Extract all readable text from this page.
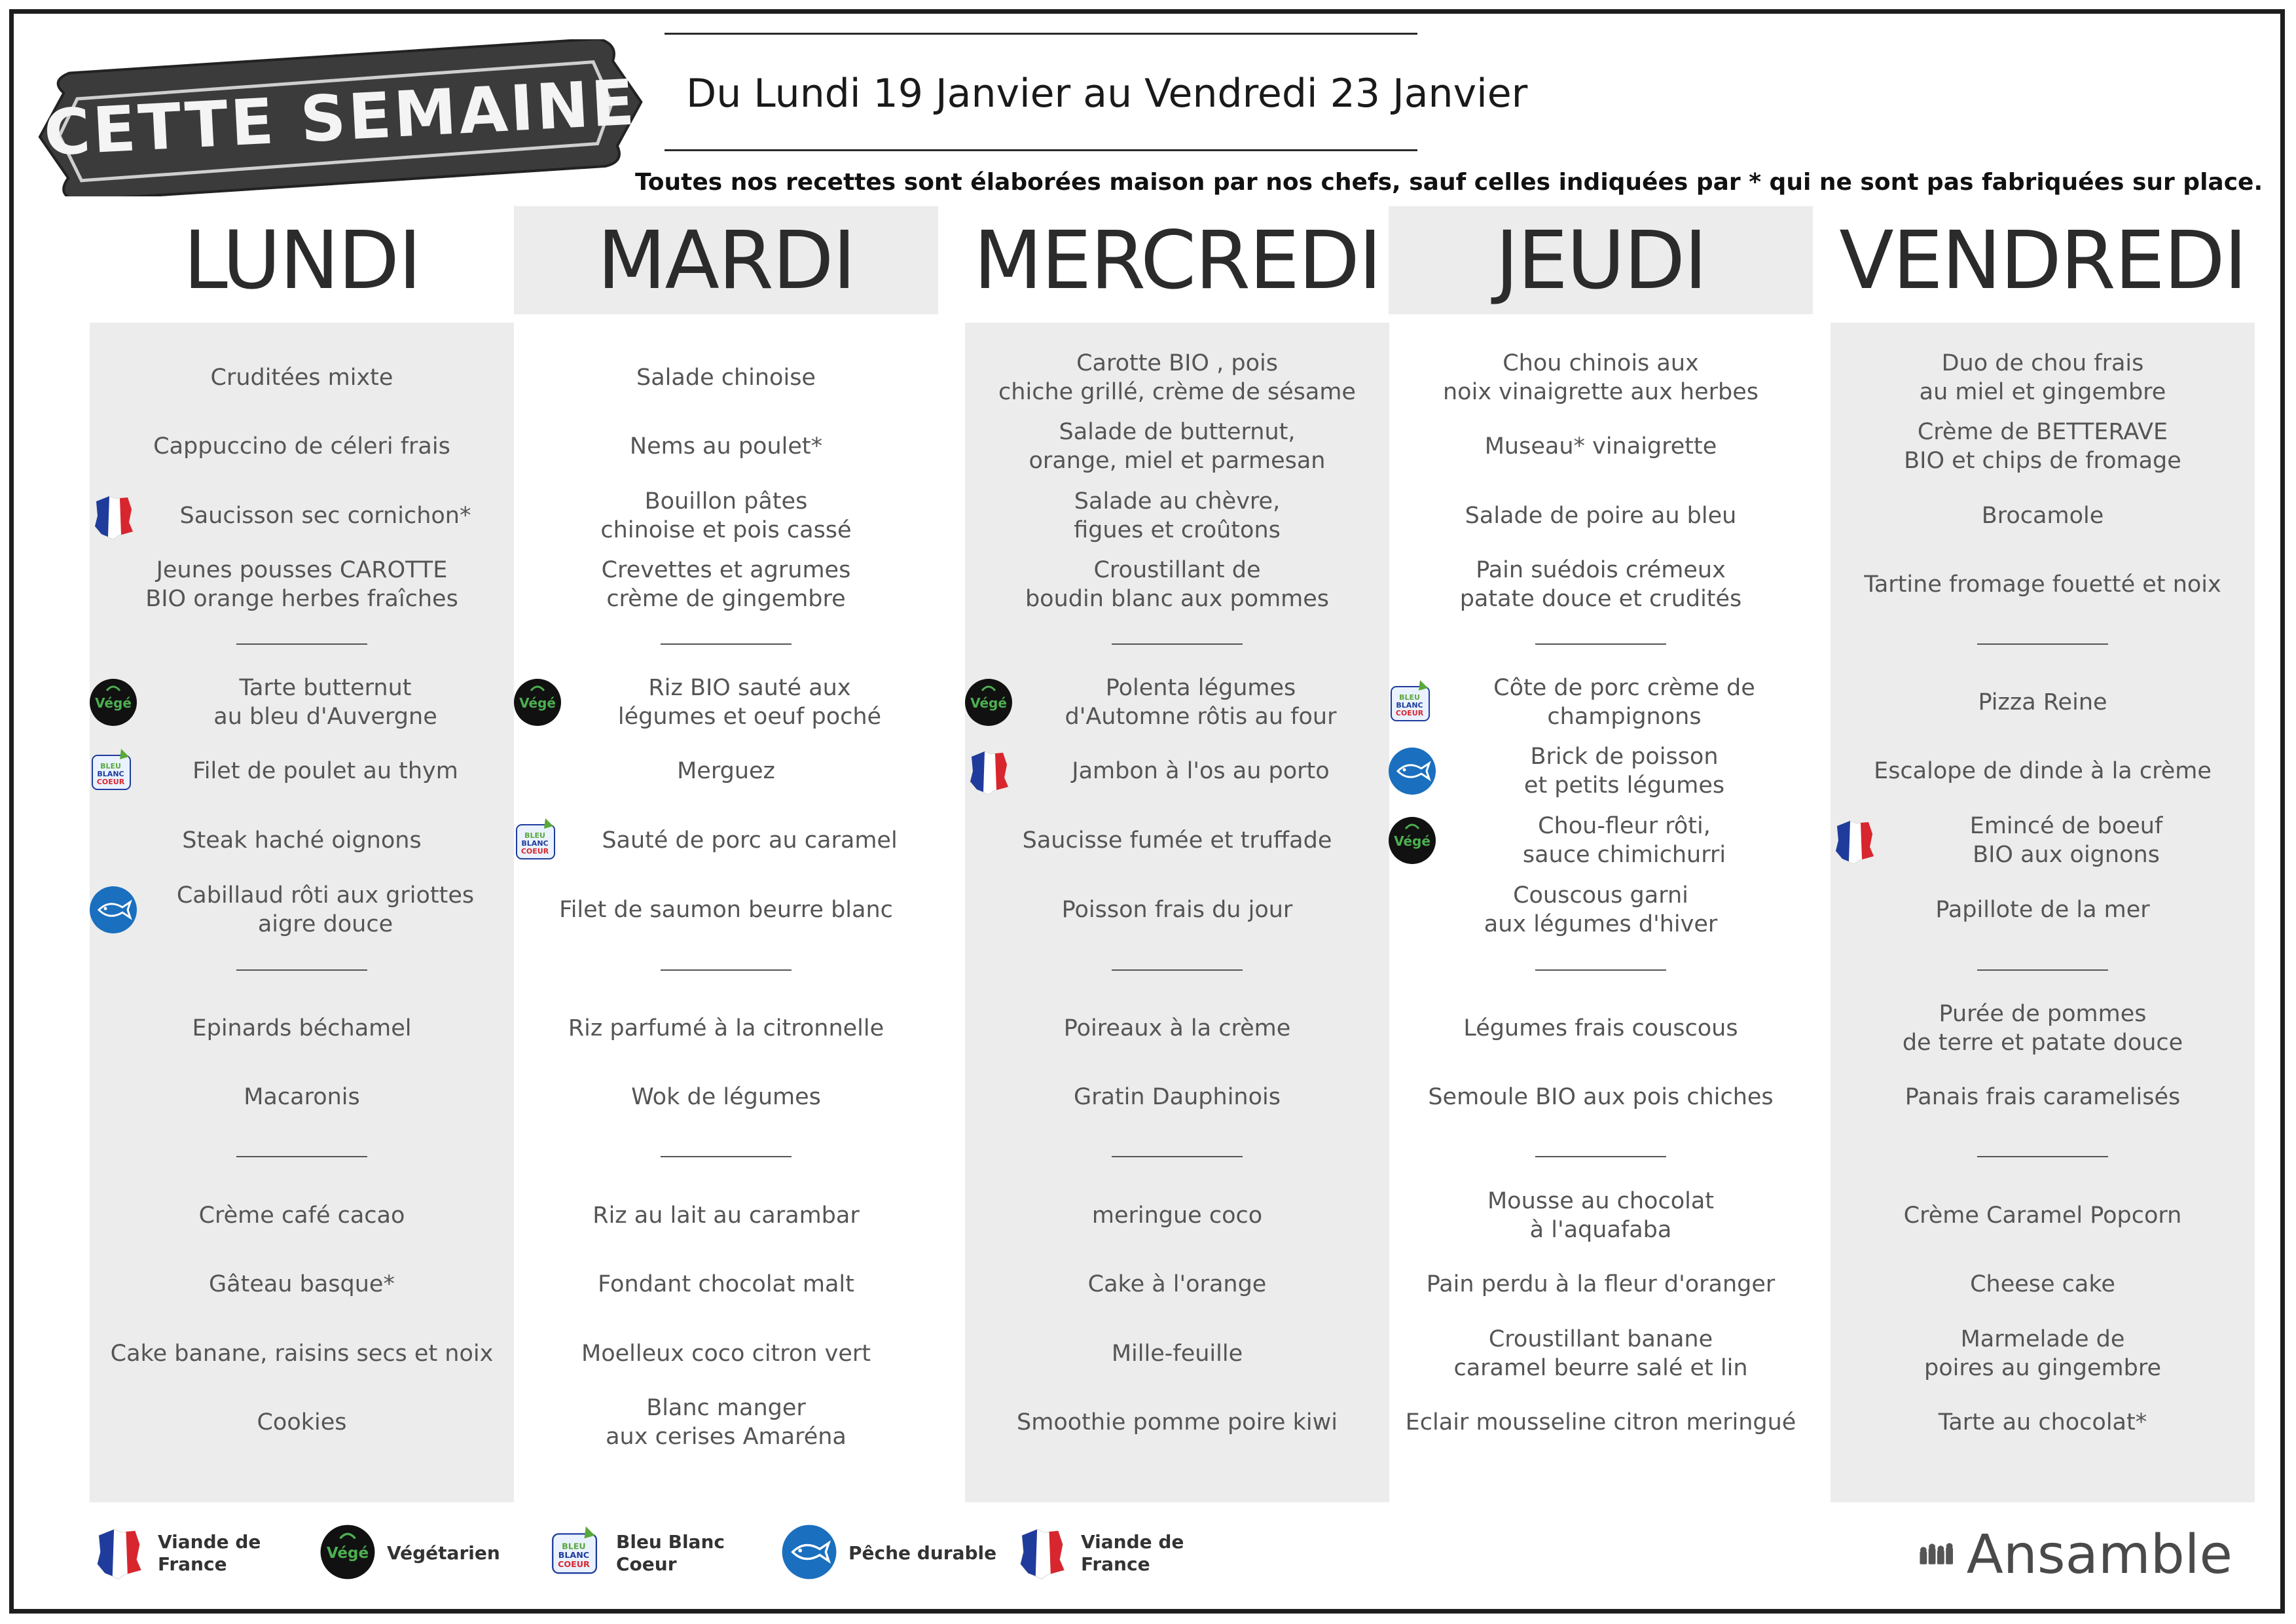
CETTE SEMAINE	Du Lundi 19 Janvier au Vendredi 23 Janvier
Toutes nos recettes sont élaborées maison par nos chefs, sauf celles indiquées par * qui ne sont pas fabriquées sur place.
LUNDI
Cruditées mixte
Cappuccino de céleri frais
Saucisson sec cornichon*
Jeunes pousses CAROTTE
BIO orange herbes fraîches
Tarte butternut
au bleu d'Auvergne
Végé
Filet de poulet au thym
BLEU
BLANC
COEUR
Steak haché oignons
Cabillaud rôti aux griottes
aigre douce
Epinards béchamel
Macaronis
Crème café cacao
Gâteau basque*
Cake banane, raisins secs et noix
Cookies
MARDI
Salade chinoise
Nems au poulet*
Bouillon pâtes
chinoise et pois cassé
Crevettes et agrumes
crème de gingembre
Riz BIO sauté aux
légumes et oeuf poché
Végé
Merguez
Sauté de porc au caramel
BLEU
BLANC
COEUR
Filet de saumon beurre blanc
Riz parfumé à la citronnelle
Wok de légumes
Riz au lait au carambar
Fondant chocolat malt
Moelleux coco citron vert
Blanc manger
aux cerises Amaréna
MERCREDI
Carotte BIO , pois
chiche grillé, crème de sésame
Salade de butternut,
orange, miel et parmesan
Salade au chèvre,
figues et croûtons
Croustillant de
boudin blanc aux pommes
Polenta légumes
d'Automne rôtis au four
Végé
Jambon à l'os au porto
Saucisse fumée et truffade
Poisson frais du jour
Poireaux à la crème
Gratin Dauphinois
meringue coco
Cake à l'orange
Mille-feuille
Smoothie pomme poire kiwi
JEUDI
Chou chinois aux
noix vinaigrette aux herbes
Museau* vinaigrette
Salade de poire au bleu
Pain suédois crémeux
patate douce et crudités
Côte de porc crème de
champignons
BLEU
BLANC
COEUR
Brick de poisson
et petits légumes
Chou-fleur rôti,
sauce chimichurri
Végé
Couscous garni
aux légumes d'hiver
Légumes frais couscous
Semoule BIO aux pois chiches
Mousse au chocolat
à l'aquafaba
Pain perdu à la fleur d'oranger
Croustillant banane
caramel beurre salé et lin
Eclair mousseline citron meringué
VENDREDI
Duo de chou frais
au miel et gingembre
Crème de BETTERAVE
BIO et chips de fromage
Brocamole
Tartine fromage fouetté et noix
Pizza Reine
Escalope de dinde à la crème
Emincé de boeuf
BIO aux oignons
Papillote de la mer
Purée de pommes
de terre et patate douce
Panais frais caramelisés
Crème Caramel Popcorn
Cheese cake
Marmelade de
poires au gingembre
Tarte au chocolat*
Viande de
France	Végé Végétarien	BLEU
BLANC
COEUR
Bleu Blanc
Coeur
Pêche durable
Viande de
France	Ansamble
